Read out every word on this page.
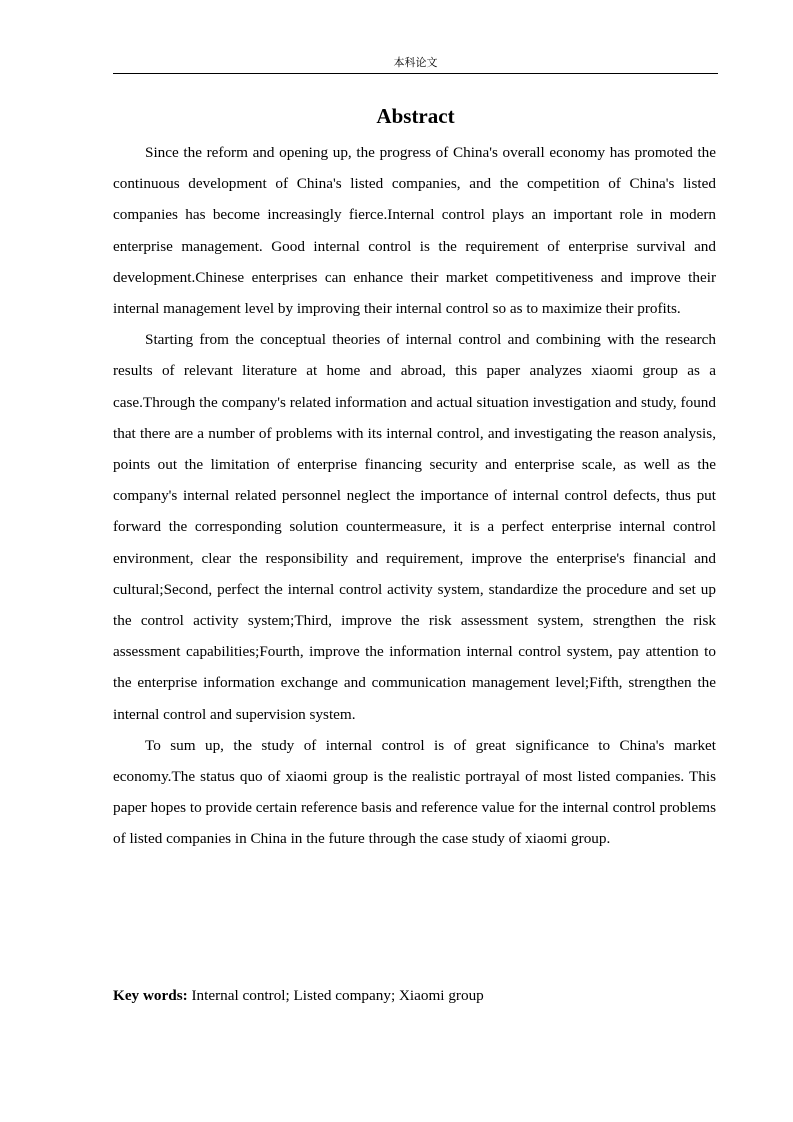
本科论文
Abstract

Since the reform and opening up, the progress of China's overall economy has promoted the continuous development of China's listed companies, and the competition of China's listed companies has become increasingly fierce.Internal control plays an important role in modern enterprise management. Good internal control is the requirement of enterprise survival and development.Chinese enterprises can enhance their market competitiveness and improve their internal management level by improving their internal control so as to maximize their profits.

Starting from the conceptual theories of internal control and combining with the research results of relevant literature at home and abroad, this paper analyzes xiaomi group as a case.Through the company's related information and actual situation investigation and study, found that there are a number of problems with its internal control, and investigating the reason analysis, points out the limitation of enterprise financing security and enterprise scale, as well as the company's internal related personnel neglect the importance of internal control defects, thus put forward the corresponding solution countermeasure, it is a perfect enterprise internal control environment, clear the responsibility and requirement, improve the enterprise's financial and cultural;Second, perfect the internal control activity system, standardize the procedure and set up the control activity system;Third, improve the risk assessment system, strengthen the risk assessment capabilities;Fourth, improve the information internal control system, pay attention to the enterprise information exchange and communication management level;Fifth, strengthen the internal control and supervision system.

To sum up, the study of internal control is of great significance to China's market economy.The status quo of xiaomi group is the realistic portrayal of most listed companies. This paper hopes to provide certain reference basis and reference value for the internal control problems of listed companies in China in the future through the case study of xiaomi group.

Key words: Internal control; Listed company; Xiaomi group
